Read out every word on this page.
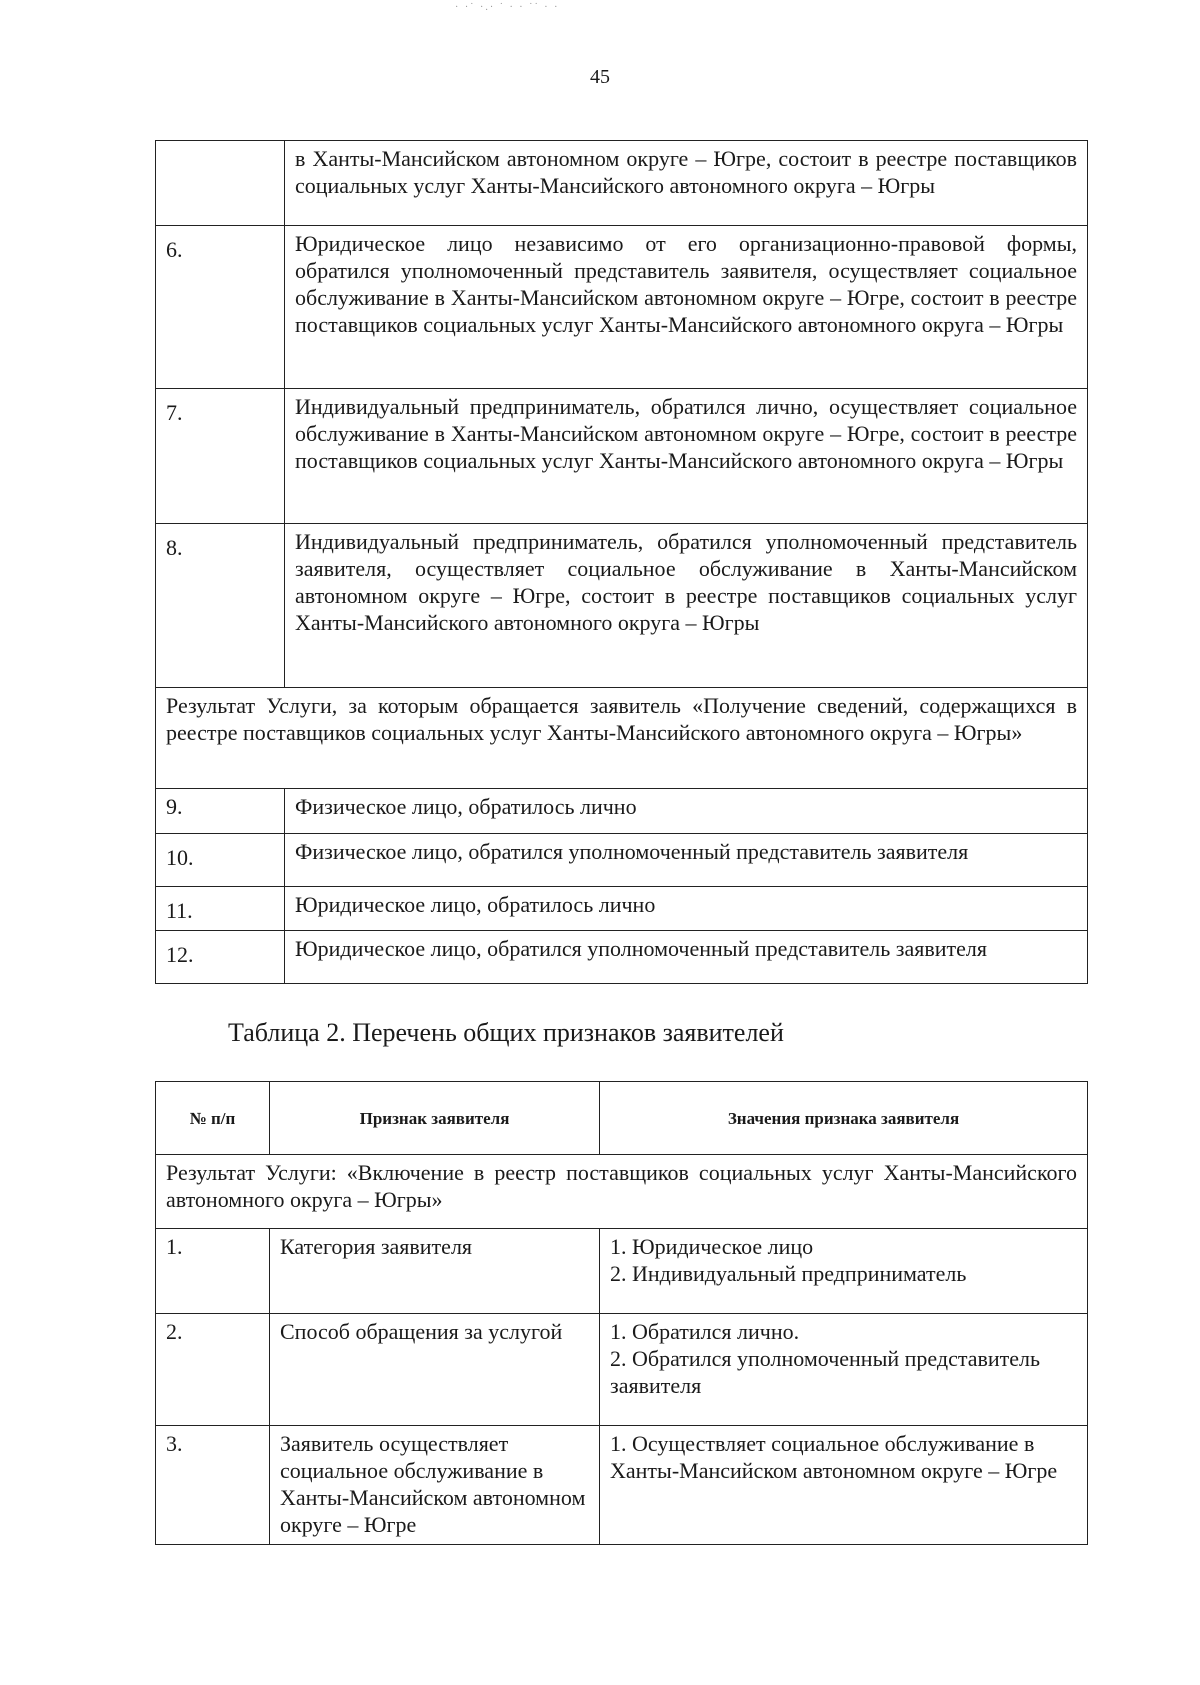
· ·˙ ·.· ˙ · · ˙˙ · ·
45
	в Ханты-Мансийском автономном округе – Югре, состоит в реестре поставщиков социальных услуг Ханты-Мансийского автономного округа – Югры
6.	Юридическое лицо независимо от его организационно-правовой формы, обратился уполномоченный представитель заявителя, осуществляет социальное обслуживание в Ханты-Мансийском автономном округе – Югре, состоит в реестре поставщиков социальных услуг Ханты-Мансийского автономного округа – Югры
7.	Индивидуальный предприниматель, обратился лично, осуществляет социальное обслуживание в Ханты-Мансийском автономном округе – Югре, состоит в реестре поставщиков социальных услуг Ханты-Мансийского автономного округа – Югры
8.	Индивидуальный предприниматель, обратился уполномоченный представитель заявителя, осуществляет социальное обслуживание в Ханты-Мансийском автономном округе – Югре, состоит в реестре поставщиков социальных услуг Ханты-Мансийского автономного округа – Югры
Результат Услуги, за которым обращается заявитель «Получение сведений, содержащихся в реестре поставщиков социальных услуг Ханты-Мансийского автономного округа – Югры»	
9.	Физическое лицо, обратилось лично
10.	Физическое лицо, обратился уполномоченный представитель заявителя
11.	Юридическое лицо, обратилось лично
12.	Юридическое лицо, обратился уполномоченный представитель заявителя
Таблица 2. Перечень общих признаков заявителей
№ п/п	Признак заявителя	Значения признака заявителя
Результат Услуги: «Включение в реестр поставщиков социальных услуг Ханты-Мансийского автономного округа – Югры»		
1.	Категория заявителя	1. Юридическое лицо
2. Индивидуальный предприниматель

2.	Способ обращения за услугой	1. Обратился лично.
2. Обратился уполномоченный представитель заявителя

3.	Заявитель осуществляет социальное обслуживание в Ханты-Мансийском автономном округе – Югре	1. Осуществляет социальное обслуживание в Ханты-Мансийском автономном округе – Югре
